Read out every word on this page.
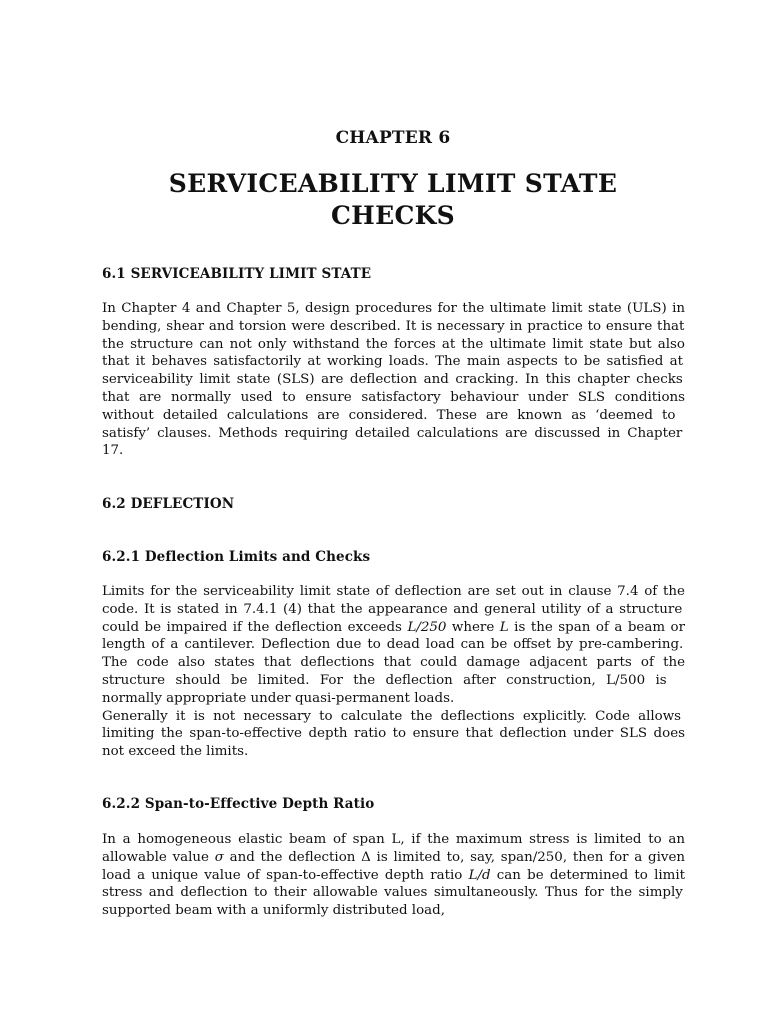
CHAPTER 6
SERVICEABILITY LIMIT STATE
CHECKS
6.1 SERVICEABILITY LIMIT STATE
In Chapter 4 and Chapter 5, design procedures for the ultimate limit state (ULS) in
bending, shear and torsion were described. It is necessary in practice to ensure that
the structure can not only withstand the forces at the ultimate limit state but also
that it behaves satisfactorily at working loads. The main aspects to be satisfied at
serviceability limit state (SLS) are deflection and cracking. In this chapter checks
that are normally used to ensure satisfactory behaviour under SLS conditions
without detailed calculations are considered. These are known as ‘deemed to
satisfy’ clauses. Methods requiring detailed calculations are discussed in Chapter
17.
6.2 DEFLECTION
6.2.1 Deflection Limits and Checks
Limits for the serviceability limit state of deflection are set out in clause 7.4 of the
code. It is stated in 7.4.1 (4) that the appearance and general utility of a structure
could be impaired if the deflection exceeds L/250 where L is the span of a beam or
length of a cantilever. Deflection due to dead load can be offset by pre-cambering.
The code also states that deflections that could damage adjacent parts of the
structure should be limited. For the deflection after construction, L/500 is
normally appropriate under quasi-permanent loads.
Generally it is not necessary to calculate the deflections explicitly. Code allows
limiting the span-to-effective depth ratio to ensure that deflection under SLS does
not exceed the limits.
6.2.2 Span-to-Effective Depth Ratio
In a homogeneous elastic beam of span L, if the maximum stress is limited to an
allowable value σ and the deflection Δ is limited to, say, span/250, then for a given
load a unique value of span-to-effective depth ratio L/d can be determined to limit
stress and deflection to their allowable values simultaneously. Thus for the simply
supported beam with a uniformly distributed load,
